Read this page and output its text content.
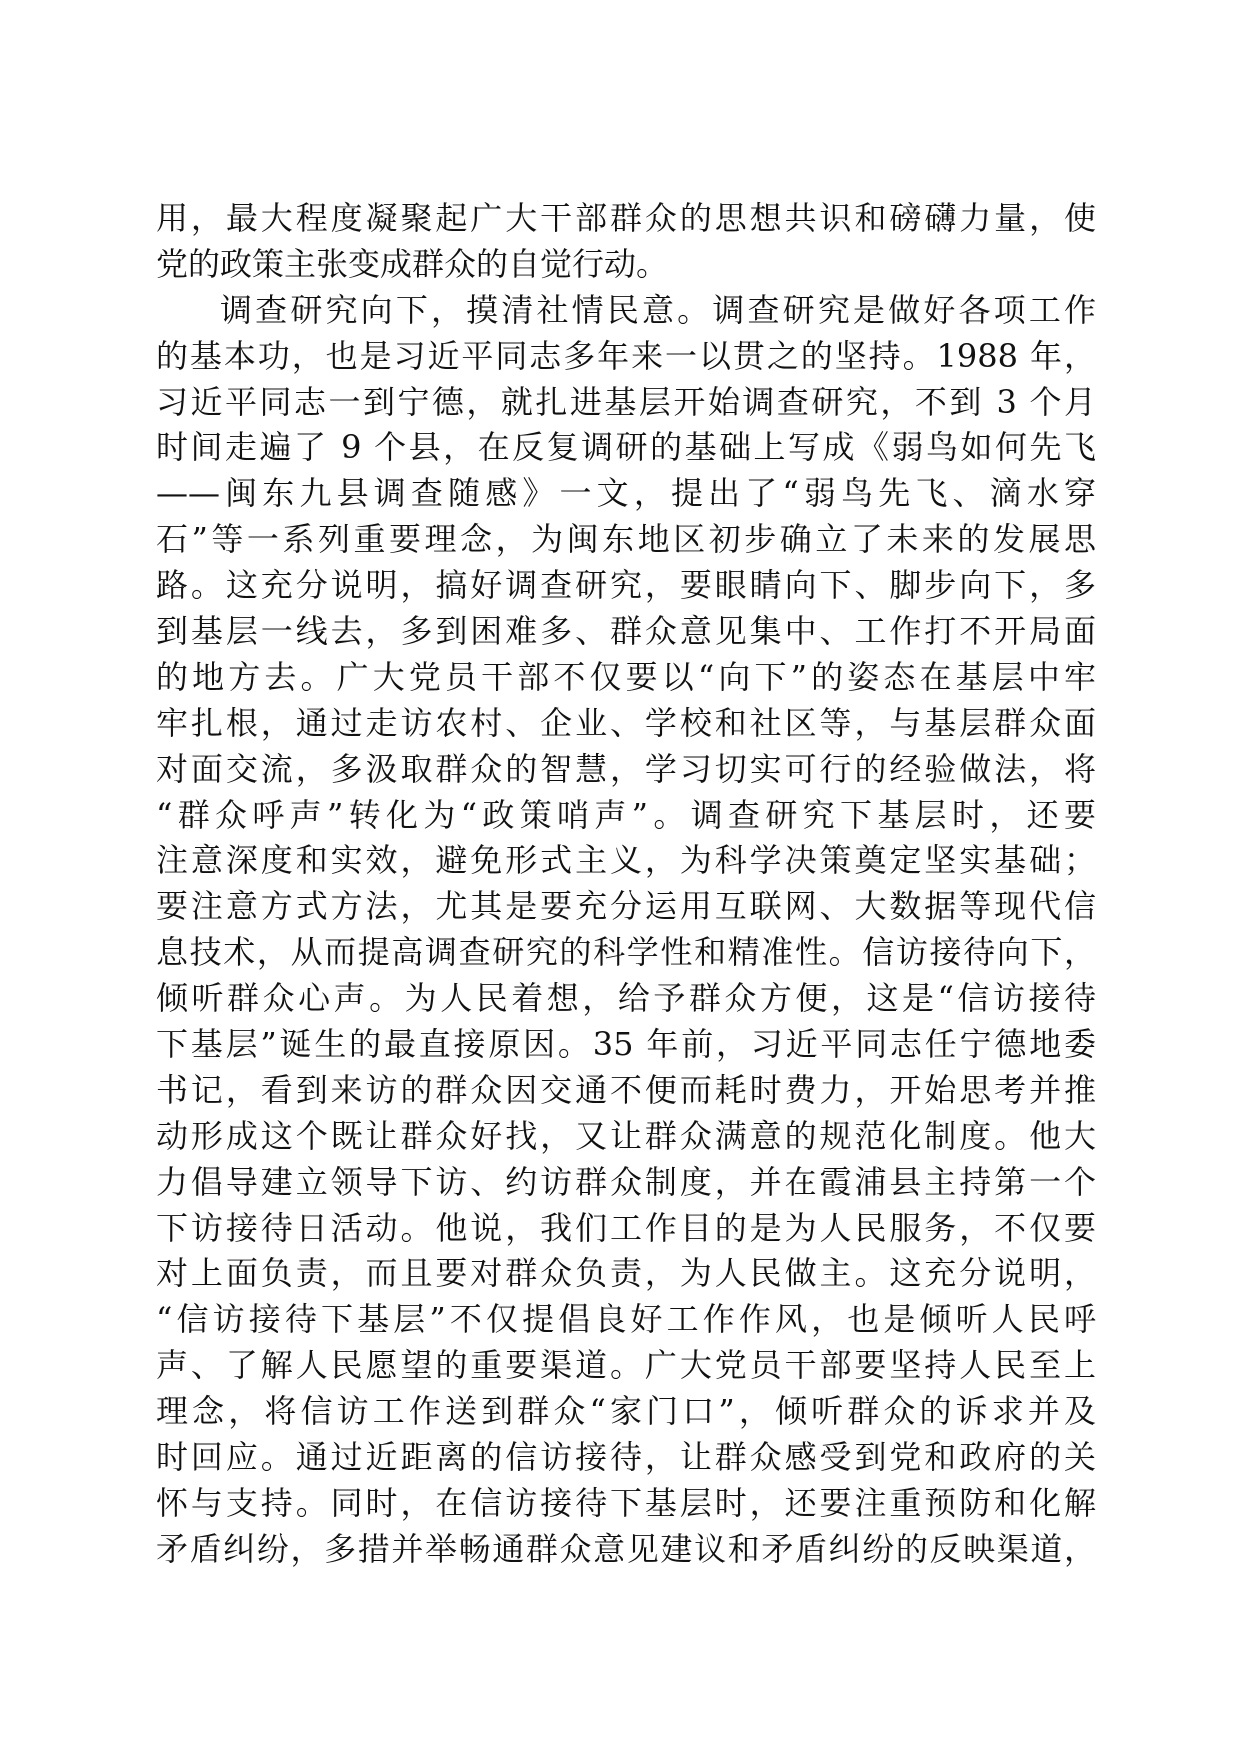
用，最大程度凝聚起广大干部群众的思想共识和磅礴力量，使
党的政策主张变成群众的自觉行动。
调查研究向下，摸清社情民意。调查研究是做好各项工作
的基本功，也是习近平同志多年来一以贯之的坚持。1988 年，
习近平同志一到宁德，就扎进基层开始调查研究，不到 3 个月
时间走遍了 9 个县，在反复调研的基础上写成《弱鸟如何先飞
——闽东九县调查随感》一文，提出了“弱鸟先飞、滴水穿
石”等一系列重要理念，为闽东地区初步确立了未来的发展思
路。这充分说明，搞好调查研究，要眼睛向下、脚步向下，多
到基层一线去，多到困难多、群众意见集中、工作打不开局面
的地方去。广大党员干部不仅要以“向下”的姿态在基层中牢
牢扎根，通过走访农村、企业、学校和社区等，与基层群众面
对面交流，多汲取群众的智慧，学习切实可行的经验做法，将
“群众呼声”转化为“政策哨声”。调查研究下基层时，还要
注意深度和实效，避免形式主义，为科学决策奠定坚实基础；
要注意方式方法，尤其是要充分运用互联网、大数据等现代信
息技术，从而提高调查研究的科学性和精准性。信访接待向下，
倾听群众心声。为人民着想，给予群众方便，这是“信访接待
下基层”诞生的最直接原因。35 年前，习近平同志任宁德地委
书记，看到来访的群众因交通不便而耗时费力，开始思考并推
动形成这个既让群众好找，又让群众满意的规范化制度。他大
力倡导建立领导下访、约访群众制度，并在霞浦县主持第一个
下访接待日活动。他说，我们工作目的是为人民服务，不仅要
对上面负责，而且要对群众负责，为人民做主。这充分说明，
“信访接待下基层”不仅提倡良好工作作风，也是倾听人民呼
声、了解人民愿望的重要渠道。广大党员干部要坚持人民至上
理念，将信访工作送到群众“家门口”，倾听群众的诉求并及
时回应。通过近距离的信访接待，让群众感受到党和政府的关
怀与支持。同时，在信访接待下基层时，还要注重预防和化解
矛盾纠纷，多措并举畅通群众意见建议和矛盾纠纷的反映渠道，
